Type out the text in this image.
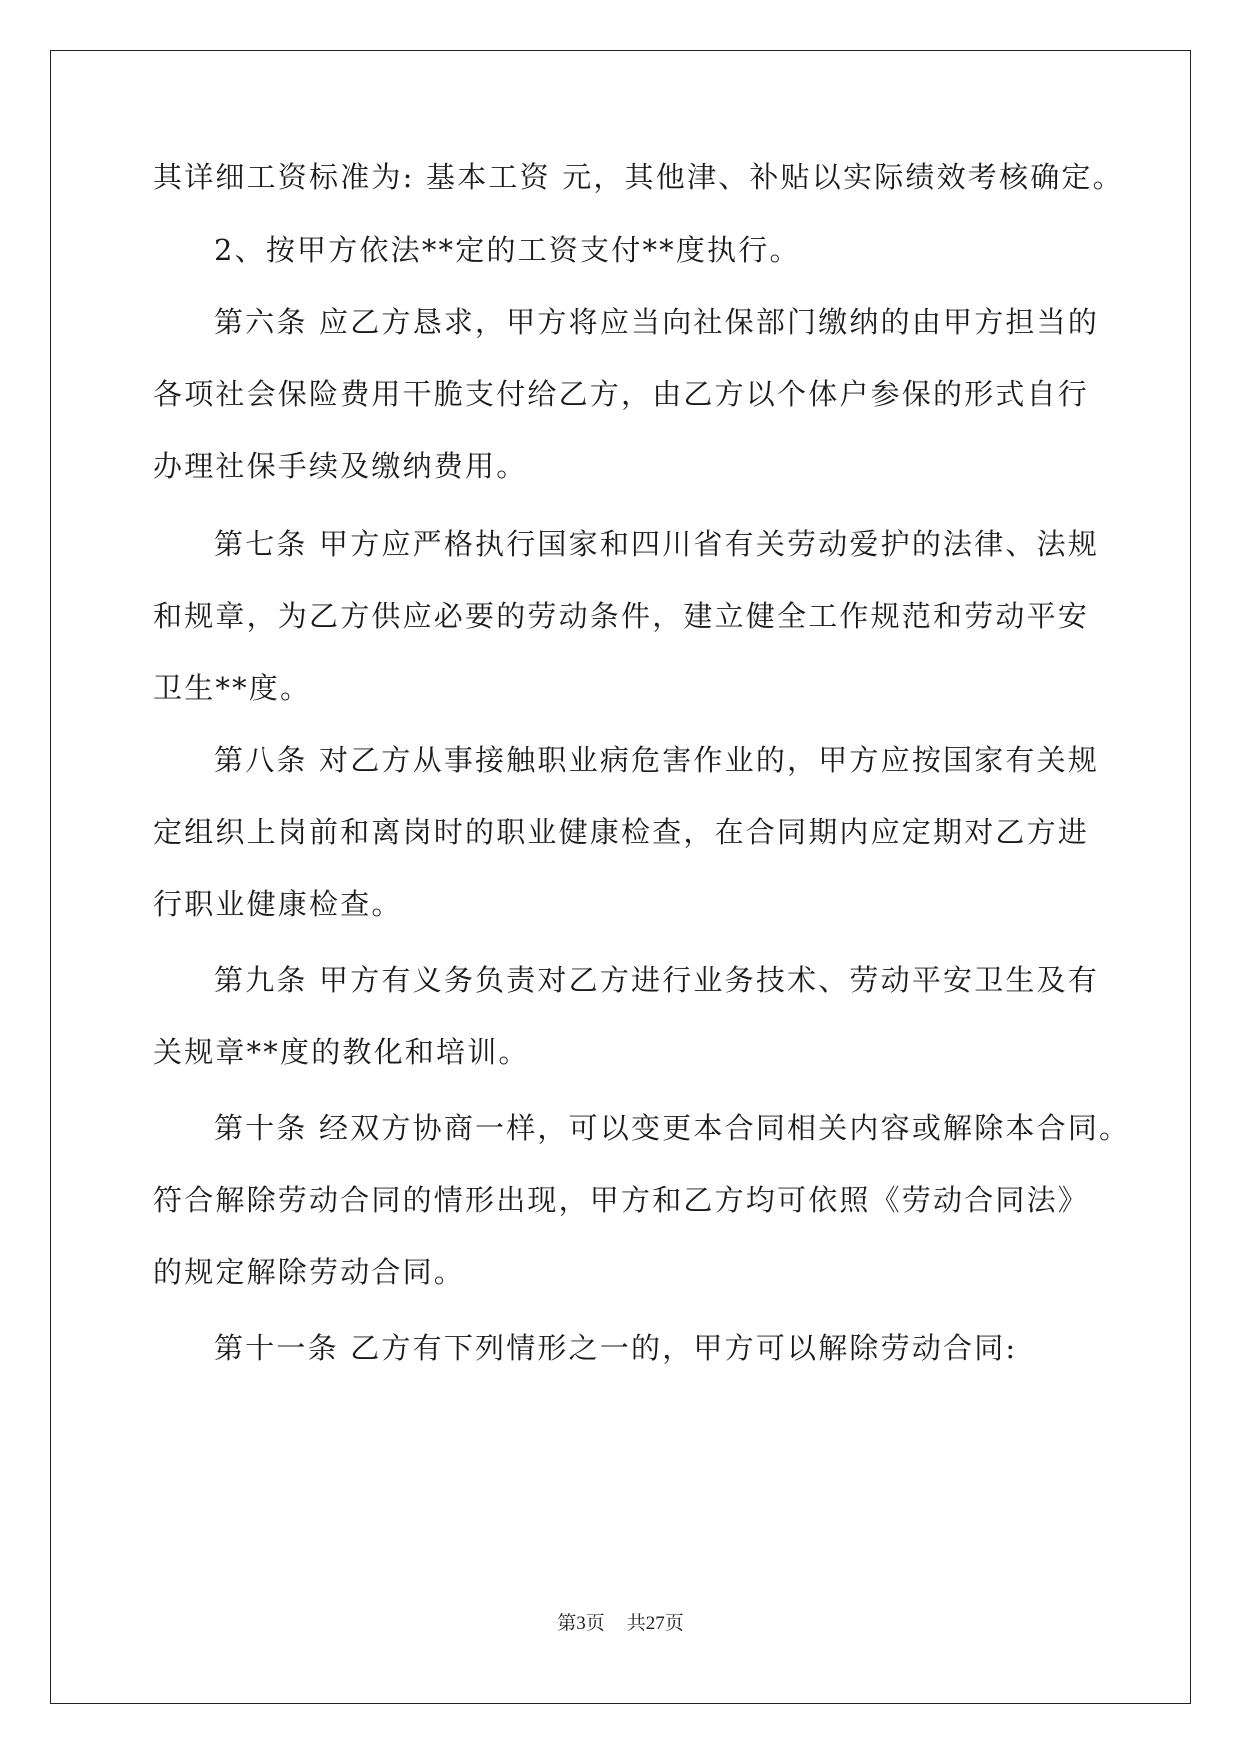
其详细工资标准为: 基本工资 元，其他津、补贴以实际绩效考核确定。
2、按甲方依法**定的工资支付**度执行。
第六条 应乙方恳求，甲方将应当向社保部门缴纳的由甲方担当的
各项社会保险费用干脆支付给乙方，由乙方以个体户参保的形式自行
办理社保手续及缴纳费用。
第七条 甲方应严格执行国家和四川省有关劳动爱护的法律、法规
和规章，为乙方供应必要的劳动条件，建立健全工作规范和劳动平安
卫生**度。
第八条 对乙方从事接触职业病危害作业的，甲方应按国家有关规
定组织上岗前和离岗时的职业健康检查，在合同期内应定期对乙方进
行职业健康检查。
第九条 甲方有义务负责对乙方进行业务技术、劳动平安卫生及有
关规章**度的教化和培训。
第十条 经双方协商一样，可以变更本合同相关内容或解除本合同。
符合解除劳动合同的情形出现，甲方和乙方均可依照《劳动合同法》
的规定解除劳动合同。
第十一条 乙方有下列情形之一的，甲方可以解除劳动合同:
第3页 共27页
